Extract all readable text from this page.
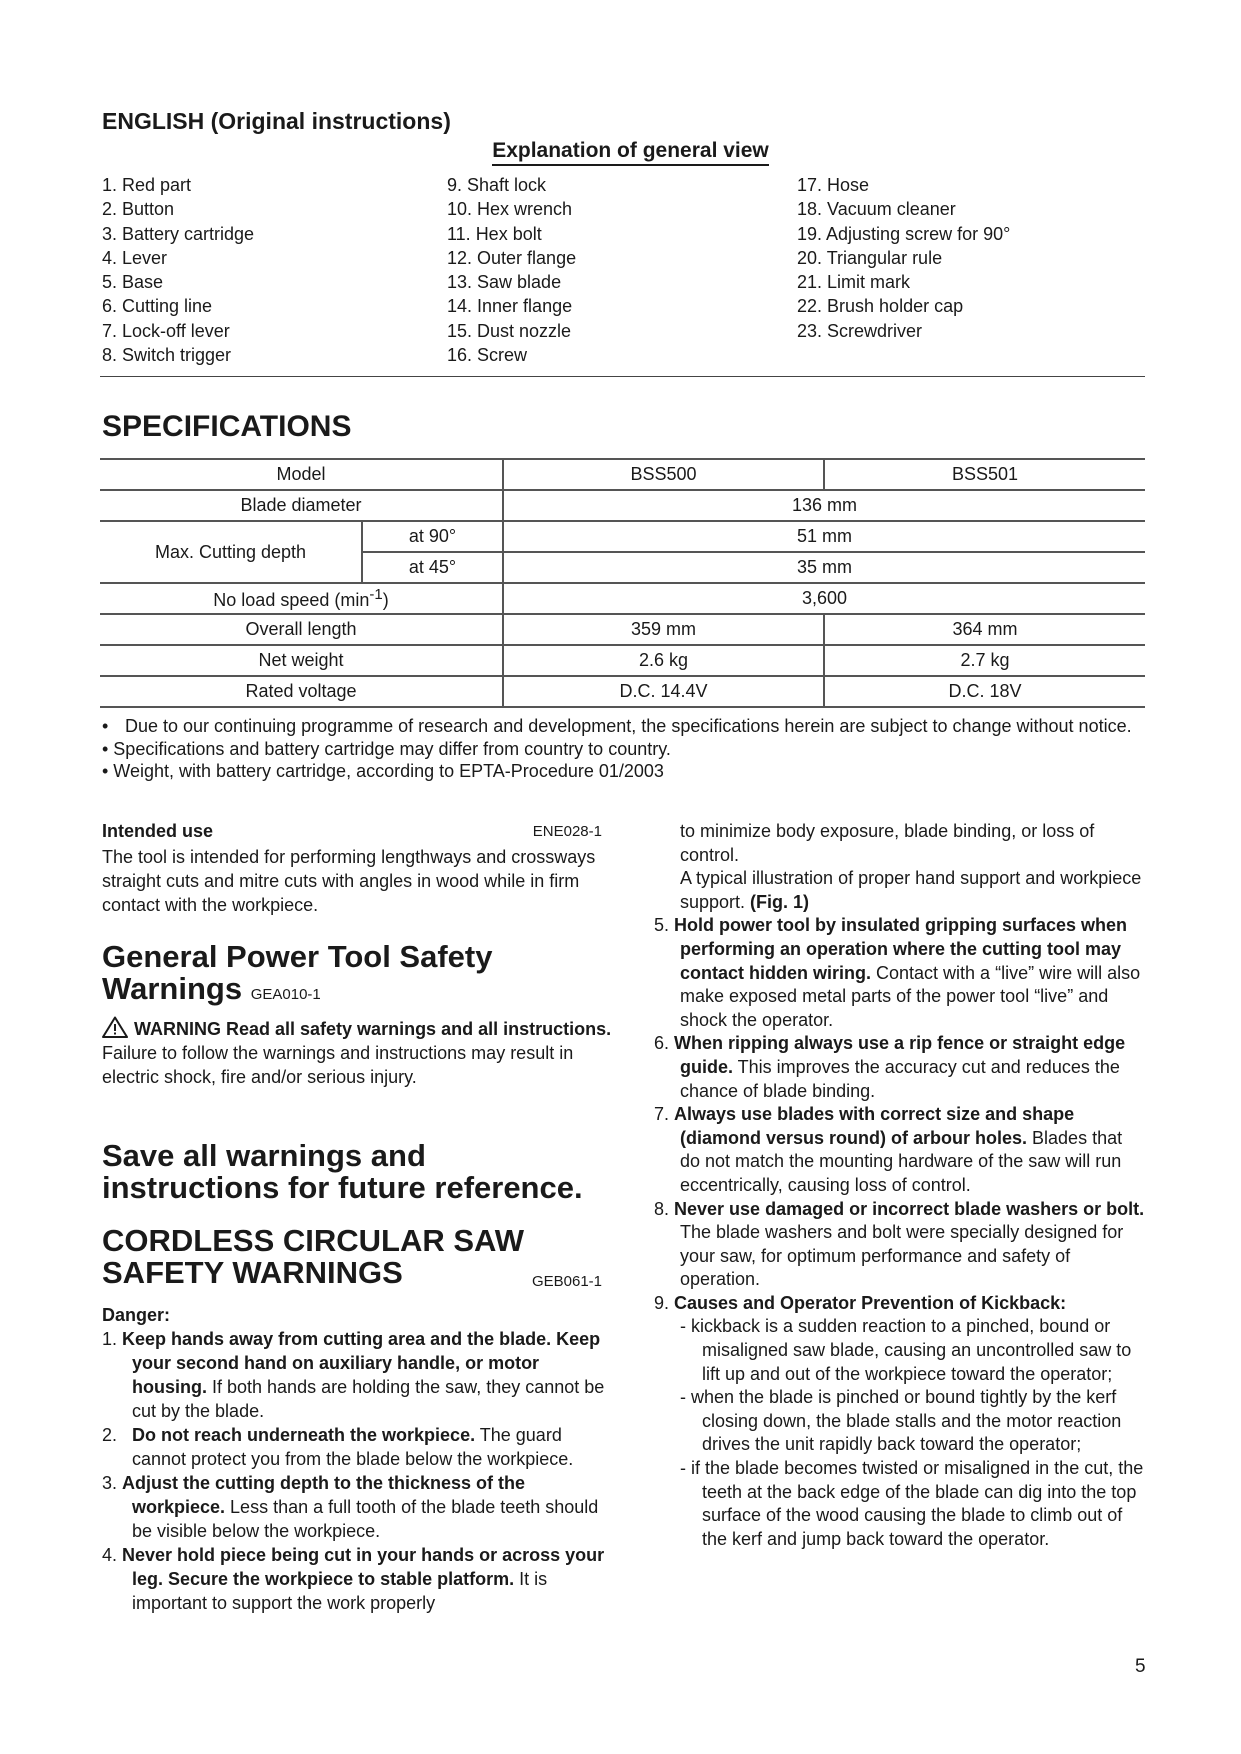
ENGLISH (Original instructions)
Explanation of general view
1. Red part
2. Button
3. Battery cartridge
4. Lever
5. Base
6. Cutting line
7. Lock-off lever
8. Switch trigger
9. Shaft lock
10. Hex wrench
11. Hex bolt
12. Outer flange
13. Saw blade
14. Inner flange
15. Dust nozzle
16. Screw
17. Hose
18. Vacuum cleaner
19. Adjusting screw for 90°
20. Triangular rule
21. Limit mark
22. Brush holder cap
23. Screwdriver
SPECIFICATIONS
Model		BSS500	BSS501
Blade diameter		136 mm	
Max. Cutting depth	at 90°	51 mm	
	at 45°	35 mm	
No load speed $(\min^{-1})$		3,600	
Overall length		359 mm	364 mm
Net weight		2.6 kg	2.7 kg
Rated voltage		D.C. 14.4V	D.C. 18V
• Due to our continuing programme of research and development, the specifications herein are subject to change without notice.
• Specifications and battery cartridge may differ from country to country.
• Weight, with battery cartridge, according to EPTA-Procedure 01/2003
Intended use	ENE028-1
The tool is intended for performing lengthways and crossways straight cuts and mitre cuts with angles in wood while in firm contact with the workpiece.
General Power Tool Safety
Warnings GEA010-1
WARNING Read all safety warnings and all instructions. Failure to follow the warnings and instructions may result in electric shock, fire and/or serious injury.
Save all warnings and
instructions for future reference.
CORDLESS CIRCULAR SAW
SAFETY WARNINGS	GEB061-1
Danger:
1. Keep hands away from cutting area and the blade. Keep your second hand on auxiliary handle, or motor housing. If both hands are holding the saw, they cannot be cut by the blade.
2.   Do not reach underneath the workpiece. The guard cannot protect you from the blade below the workpiece.
3. Adjust the cutting depth to the thickness of the workpiece. Less than a full tooth of the blade teeth should be visible below the workpiece.
4. Never hold piece being cut in your hands or across your leg. Secure the workpiece to stable platform. It is important to support the work properly
to minimize body exposure, blade binding, or loss of control.
A typical illustration of proper hand support and workpiece support. (Fig. 1)
5. Hold power tool by insulated gripping surfaces when performing an operation where the cutting tool may contact hidden wiring. Contact with a “live” wire will also make exposed metal parts of the power tool “live” and shock the operator.
6. When ripping always use a rip fence or straight edge guide. This improves the accuracy cut and reduces the chance of blade binding.
7. Always use blades with correct size and shape (diamond versus round) of arbour holes. Blades that do not match the mounting hardware of the saw will run eccentrically, causing loss of control.
8. Never use damaged or incorrect blade washers or bolt. The blade washers and bolt were specially designed for your saw, for optimum performance and safety of operation.
9. Causes and Operator Prevention of Kickback:
- kickback is a sudden reaction to a pinched, bound or misaligned saw blade, causing an uncontrolled saw to lift up and out of the workpiece toward the operator;
- when the blade is pinched or bound tightly by the kerf closing down, the blade stalls and the motor reaction drives the unit rapidly back toward the operator;
- if the blade becomes twisted or misaligned in the cut, the teeth at the back edge of the blade can dig into the top surface of the wood causing the blade to climb out of the kerf and jump back toward the operator.
5
